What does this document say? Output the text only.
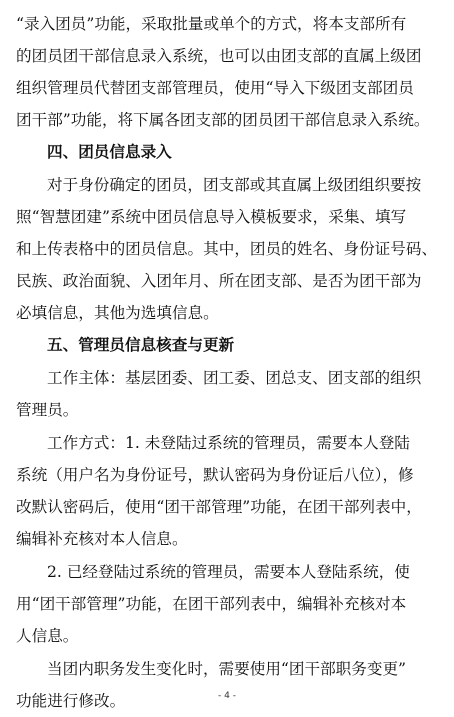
“录入团员”功能，采取批量或单个的方式，将本支部所有
的团员团干部信息录入系统，也可以由团支部的直属上级团
组织管理员代替团支部管理员，使用“导入下级团支部团员
团干部”功能，将下属各团支部的团员团干部信息录入系统。
四、团员信息录入
对于身份确定的团员，团支部或其直属上级团组织要按
照“智慧团建”系统中团员信息导入模板要求，采集、填写
和上传表格中的团员信息。其中，团员的姓名、身份证号码、
民族、政治面貌、入团年月、所在团支部、是否为团干部为
必填信息，其他为选填信息。
五、管理员信息核查与更新
工作主体：基层团委、团工委、团总支、团支部的组织
管理员。
工作方式：1. 未登陆过系统的管理员，需要本人登陆
系统（用户名为身份证号，默认密码为身份证后八位），修
改默认密码后，使用“团干部管理”功能，在团干部列表中，
编辑补充核对本人信息。
2. 已经登陆过系统的管理员，需要本人登陆系统，使
用“团干部管理”功能，在团干部列表中，编辑补充核对本
人信息。
当团内职务发生变化时，需要使用“团干部职务变更”
功能进行修改。	- 4 -
